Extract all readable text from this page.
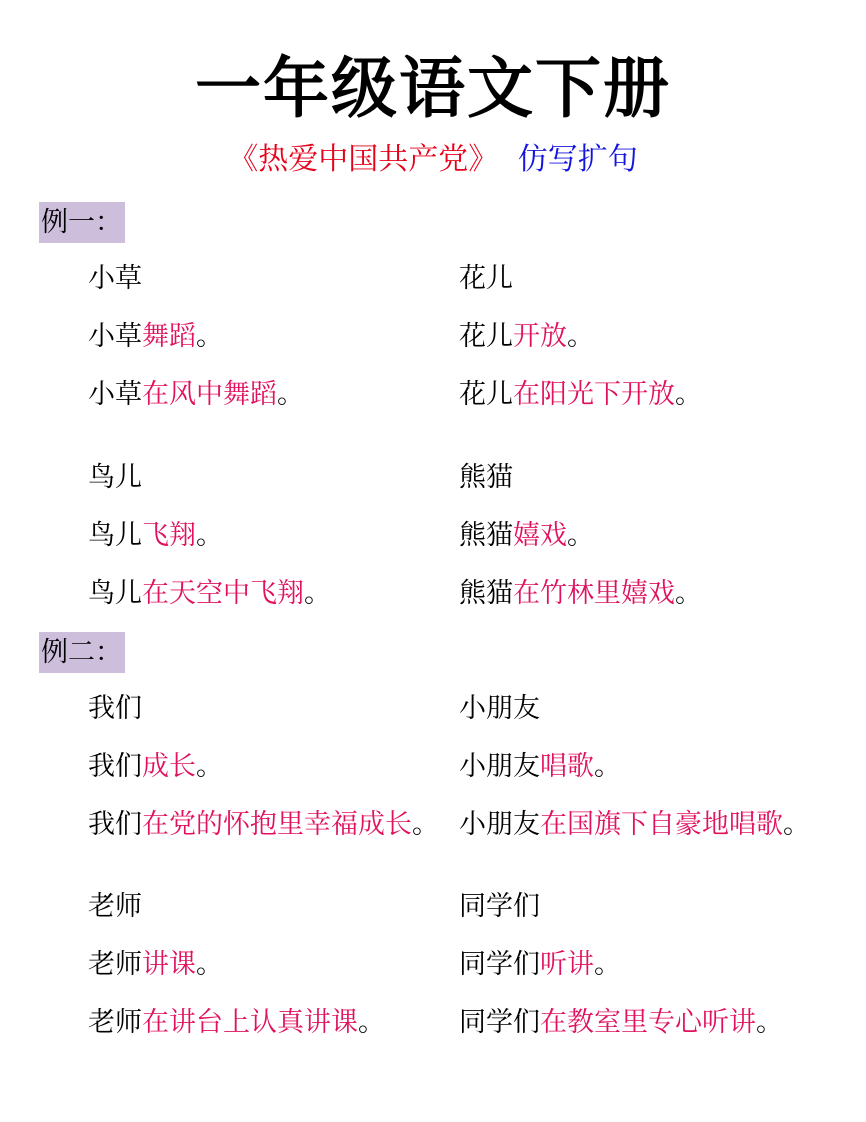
一年级语文下册
《热爱中国共产党》 仿写扩句
例一：
例二：
小草
小草舞蹈。
小草在风中舞蹈。
花儿
花儿开放。
花儿在阳光下开放。
鸟儿
鸟儿飞翔。
鸟儿在天空中飞翔。
熊猫
熊猫嬉戏。
熊猫在竹林里嬉戏。
我们
我们成长。
我们在党的怀抱里幸福成长。
小朋友
小朋友唱歌。
小朋友在国旗下自豪地唱歌。
老师
老师讲课。
老师在讲台上认真讲课。
同学们
同学们听讲。
同学们在教室里专心听讲。
